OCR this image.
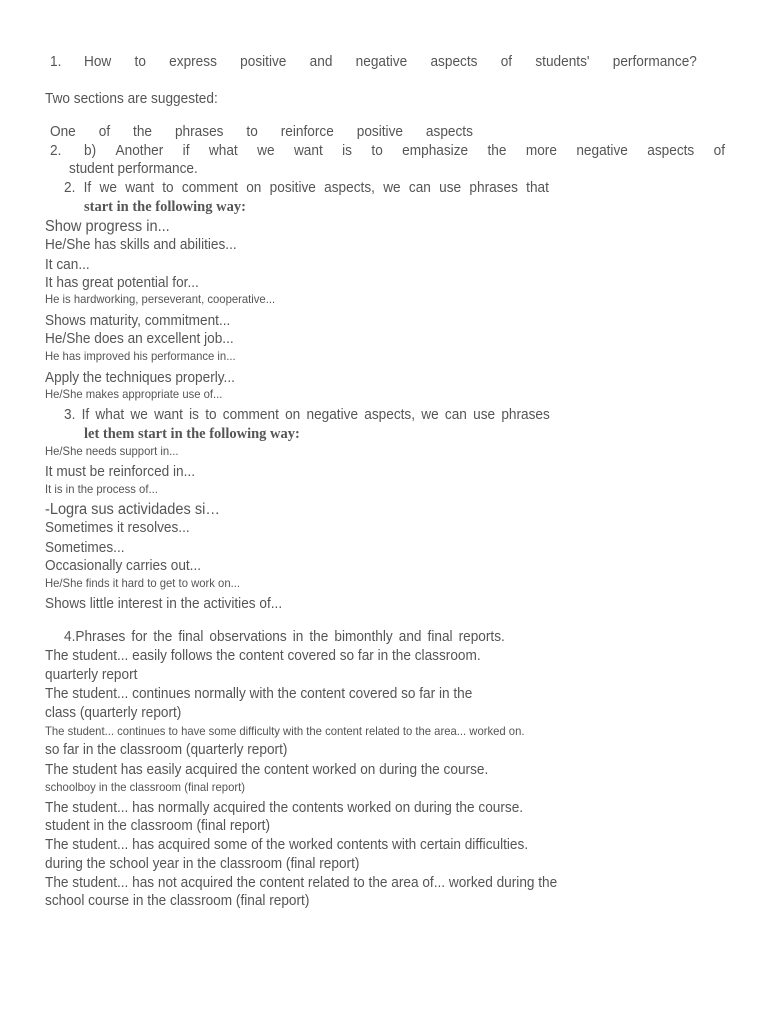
1. How to express positive and negative aspects of students' performance?
Two sections are suggested:
One of the phrases to reinforce positive aspects
2. b) Another if what we want is to emphasize the more negative aspects of
student performance.
2. If we want to comment on positive aspects, we can use phrases that
start in the following way:
Show progress in...
He/She has skills and abilities...
It can...
It has great potential for...
He is hardworking, perseverant, cooperative...
Shows maturity, commitment...
He/She does an excellent job...
He has improved his performance in...
Apply the techniques properly...
He/She makes appropriate use of...
3. If what we want is to comment on negative aspects, we can use phrases
let them start in the following way:
He/She needs support in...
It must be reinforced in...
It is in the process of...
-Logra sus actividades si…
Sometimes it resolves...
Sometimes...
Occasionally carries out...
He/She finds it hard to get to work on...
Shows little interest in the activities of...
4.Phrases for the final observations in the bimonthly and final reports.
The student... easily follows the content covered so far in the classroom.
quarterly report
The student... continues normally with the content covered so far in the
class (quarterly report)
The student... continues to have some difficulty with the content related to the area... worked on.
so far in the classroom (quarterly report)
The student has easily acquired the content worked on during the course.
schoolboy in the classroom (final report)
The student... has normally acquired the contents worked on during the course.
student in the classroom (final report)
The student... has acquired some of the worked contents with certain difficulties.
during the school year in the classroom (final report)
The student... has not acquired the content related to the area of... worked during the
school course in the classroom (final report)
